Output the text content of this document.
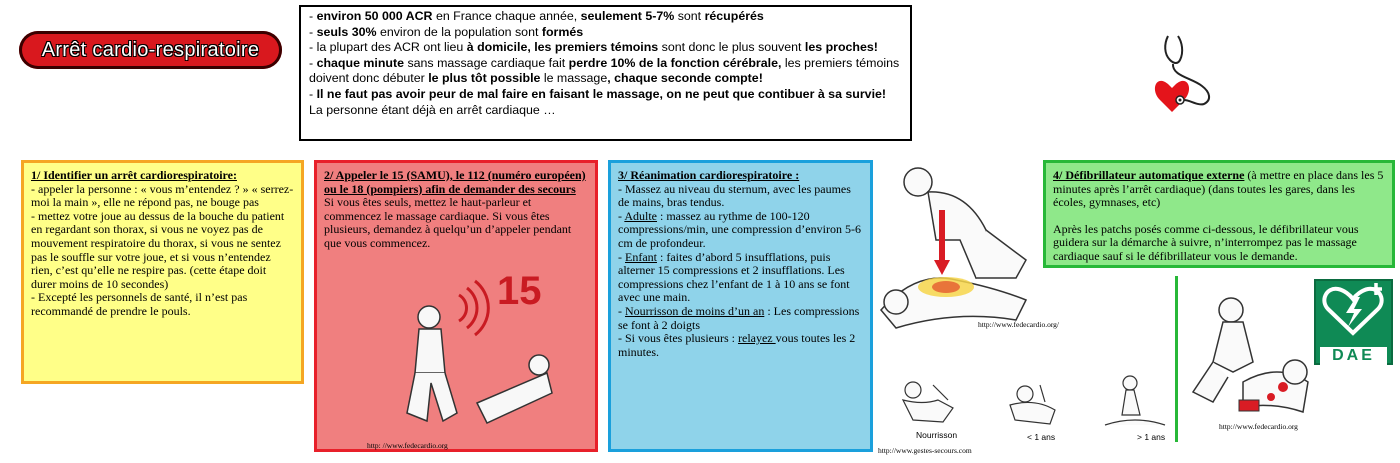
Arrêt cardio-respiratoire

- environ 50 000 ACR en France chaque année, seulement 5-7% sont récupérés

- seuls 30% environ de la population sont formés

- la plupart des ACR ont lieu à domicile, les premiers témoins sont donc le plus souvent les proches!

- chaque minute sans massage cardiaque fait perdre 10% de la fonction cérébrale, les premiers témoins doivent donc débuter le plus tôt possible le massage, chaque seconde compte!

- Il ne faut pas avoir peur de mal faire en faisant le massage, on ne peut que contibuer à sa survie! La personne étant déjà en arrêt cardiaque …

1/ Identifier un arrêt cardiorespiratoire:

- appeler la personne : « vous m’entendez ? » « serrez-moi la main », elle ne répond pas, ne bouge pas

- mettez votre joue au dessus de la bouche du patient en regardant son thorax, si vous ne voyez pas de mouvement respiratoire du thorax, si vous ne sentez pas le souffle sur votre joue, et si vous n’entendez rien, c’est qu’elle ne respire pas. (cette étape doit durer moins de 10 secondes)

- Excepté les personnels de santé, il n’est pas recommandé de prendre le pouls.

2/ Appeler le 15 (SAMU), le 112 (numéro européen) ou le 18 (pompiers) afin de demander des secours

Si vous êtes seuls, mettez le haut-parleur et commencez le massage cardiaque. Si vous êtes plusieurs, demandez à quelqu’un d’appeler pendant que vous commencez.

15
http: //www.fedecardio.org

3/ Réanimation cardiorespiratoire :

- Massez au niveau du sternum, avec les paumes de mains, bras tendus.

- Adulte : massez au rythme de 100-120 compressions/min, une compression d’environ 5-6 cm de profondeur.

- Enfant : faites d’abord 5 insufflations, puis alterner 15 compressions et 2 insufflations. Les compressions chez l’enfant de 1 à 10 ans se font avec une main.

- Nourrisson de moins d’un an : Les compressions se font à 2 doigts

- Si vous êtes plusieurs : relayez vous toutes les 2 minutes.

http://www.fedecardio.org/
Nourrisson	< 1 ans	> 1 ans
http://www.gestes-secours.com

4/ Défibrillateur automatique externe (à mettre en place dans les 5 minutes après l’arrêt cardiaque) (dans toutes les gares, dans les écoles, gymnases, etc)

Après les patchs posés comme ci-dessous, le défibrillateur vous guidera sur la démarche à suivre, n’interrompez pas le massage cardiaque sauf si le défibrillateur vous le demande.

http://www.fedecardio.org
DAE
